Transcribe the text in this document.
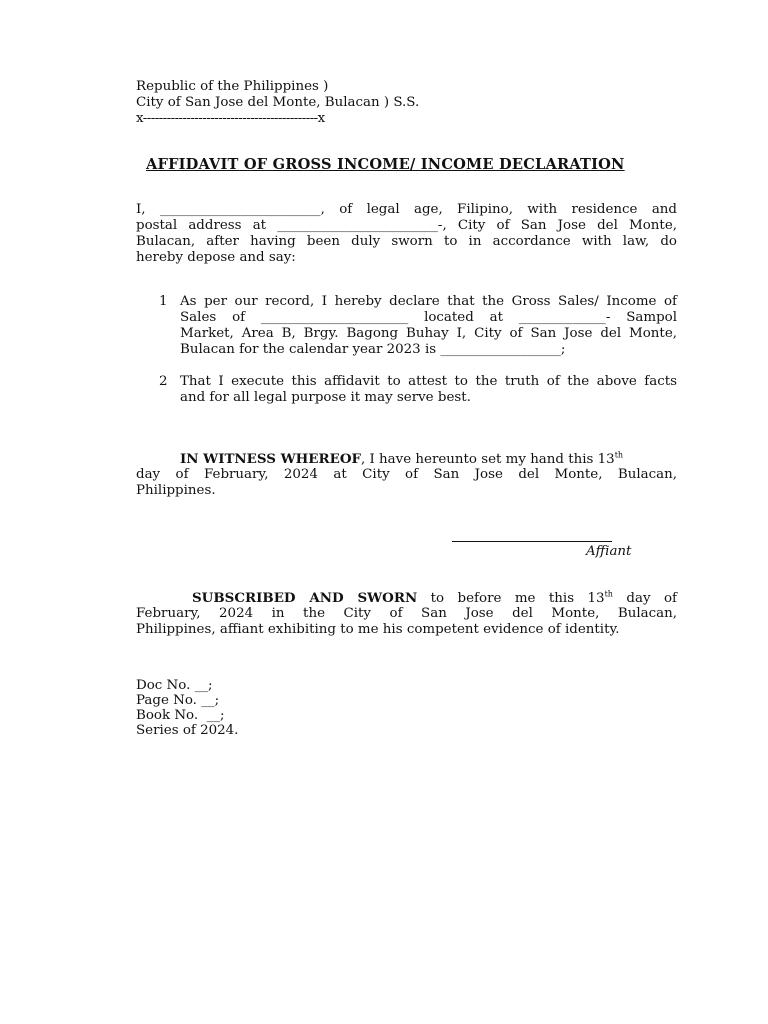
Republic of the Philippines )

City of San Jose del Monte, Bulacan ) S.S.

x--------------------------------------------x

AFFIDAVIT OF GROSS INCOME/ INCOME DECLARATION

I, ________________________, of legal age, Filipino, with residence and

postal address at ________________________-, City of San Jose del Monte,

Bulacan, after having been duly sworn to in accordance with law, do

hereby depose and say:

1 As per our record, I hereby declare that the Gross Sales/ Income of

Sales of ______________________ located at _____________- Sampol

Market, Area B, Brgy. Bagong Buhay I, City of San Jose del Monte,

Bulacan for the calendar year 2023 is __________________;

2 That I execute this affidavit to attest to the truth of the above facts

and for all legal purpose it may serve best.

IN WITNESS WHEREOF, I have hereunto set my hand this 13th

day of February, 2024 at City of San Jose del Monte, Bulacan,

Philippines.

Affiant

SUBSCRIBED AND SWORN to before me this 13th day of

February, 2024 in the City of San Jose del Monte, Bulacan,

Philippines, affiant exhibiting to me his competent evidence of identity.

Doc No. __;

Page No. __;

Book No.  __;

Series of 2024.
